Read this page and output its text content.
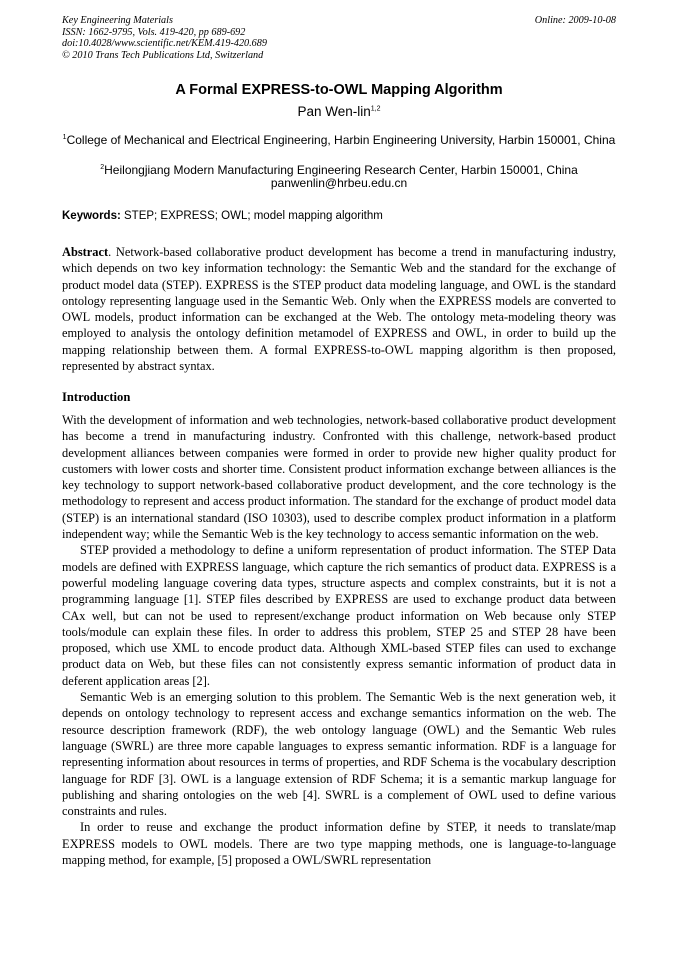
Key Engineering Materials
ISSN: 1662-9795, Vols. 419-420, pp 689-692
doi:10.4028/www.scientific.net/KEM.419-420.689
© 2010 Trans Tech Publications Ltd, Switzerland
Online: 2009-10-08
A Formal EXPRESS-to-OWL Mapping Algorithm
Pan Wen-lin$^{1,2}$
$^1$College of Mechanical and Electrical Engineering, Harbin Engineering University, Harbin 150001, China
$^2$Heilongjiang Modern Manufacturing Engineering Research Center, Harbin 150001, China
panwenlin@hrbeu.edu.cn
Keywords: STEP; EXPRESS; OWL; model mapping algorithm

Abstract. Network-based collaborative product development has become a trend in manufacturing industry, which depends on two key information technology: the Semantic Web and the standard for the exchange of product model data (STEP). EXPRESS is the STEP product data modeling language, and OWL is the standard ontology representing language used in the Semantic Web. Only when the EXPRESS models are converted to OWL models, product information can be exchanged at the Web. The ontology meta-modeling theory was employed to analysis the ontology definition metamodel of EXPRESS and OWL, in order to build up the mapping relationship between them. A formal EXPRESS-to-OWL mapping algorithm is then proposed, represented by abstract syntax.

Introduction

With the development of information and web technologies, network-based collaborative product development has become a trend in manufacturing industry. Confronted with this challenge, network-based product development alliances between companies were formed in order to provide new higher quality product for customers with lower costs and shorter time. Consistent product information exchange between alliances is the key technology to support network-based collaborative product development, and the core technology is the methodology to represent and access product information. The standard for the exchange of product model data (STEP) is an international standard (ISO 10303), used to describe complex product information in a platform independent way; while the Semantic Web is the key technology to access semantic information on the web.

STEP provided a methodology to define a uniform representation of product information. The STEP Data models are defined with EXPRESS language, which capture the rich semantics of product data. EXPRESS is a powerful modeling language covering data types, structure aspects and complex constraints, but it is not a programming language [1]. STEP files described by EXPRESS are used to exchange product data between CAx well, but can not be used to represent/exchange product information on Web because only STEP tools/module can explain these files. In order to address this problem, STEP 25 and STEP 28 have been proposed, which use XML to encode product data. Although XML-based STEP files can used to exchange product data on Web, but these files can not consistently express semantic information of product data in deferent application areas [2].

Semantic Web is an emerging solution to this problem. The Semantic Web is the next generation web, it depends on ontology technology to represent access and exchange semantics information on the web. The resource description framework (RDF), the web ontology language (OWL) and the Semantic Web rules language (SWRL) are three more capable languages to express semantic information. RDF is a language for representing information about resources in terms of properties, and RDF Schema is the vocabulary description language for RDF [3]. OWL is a language extension of RDF Schema; it is a semantic markup language for publishing and sharing ontologies on the web [4]. SWRL is a complement of OWL used to define various constraints and rules.

In order to reuse and exchange the product information define by STEP, it needs to translate/map EXPRESS models to OWL models. There are two type mapping methods, one is language-to-language mapping method, for example, [5] proposed a OWL/SWRL representation
